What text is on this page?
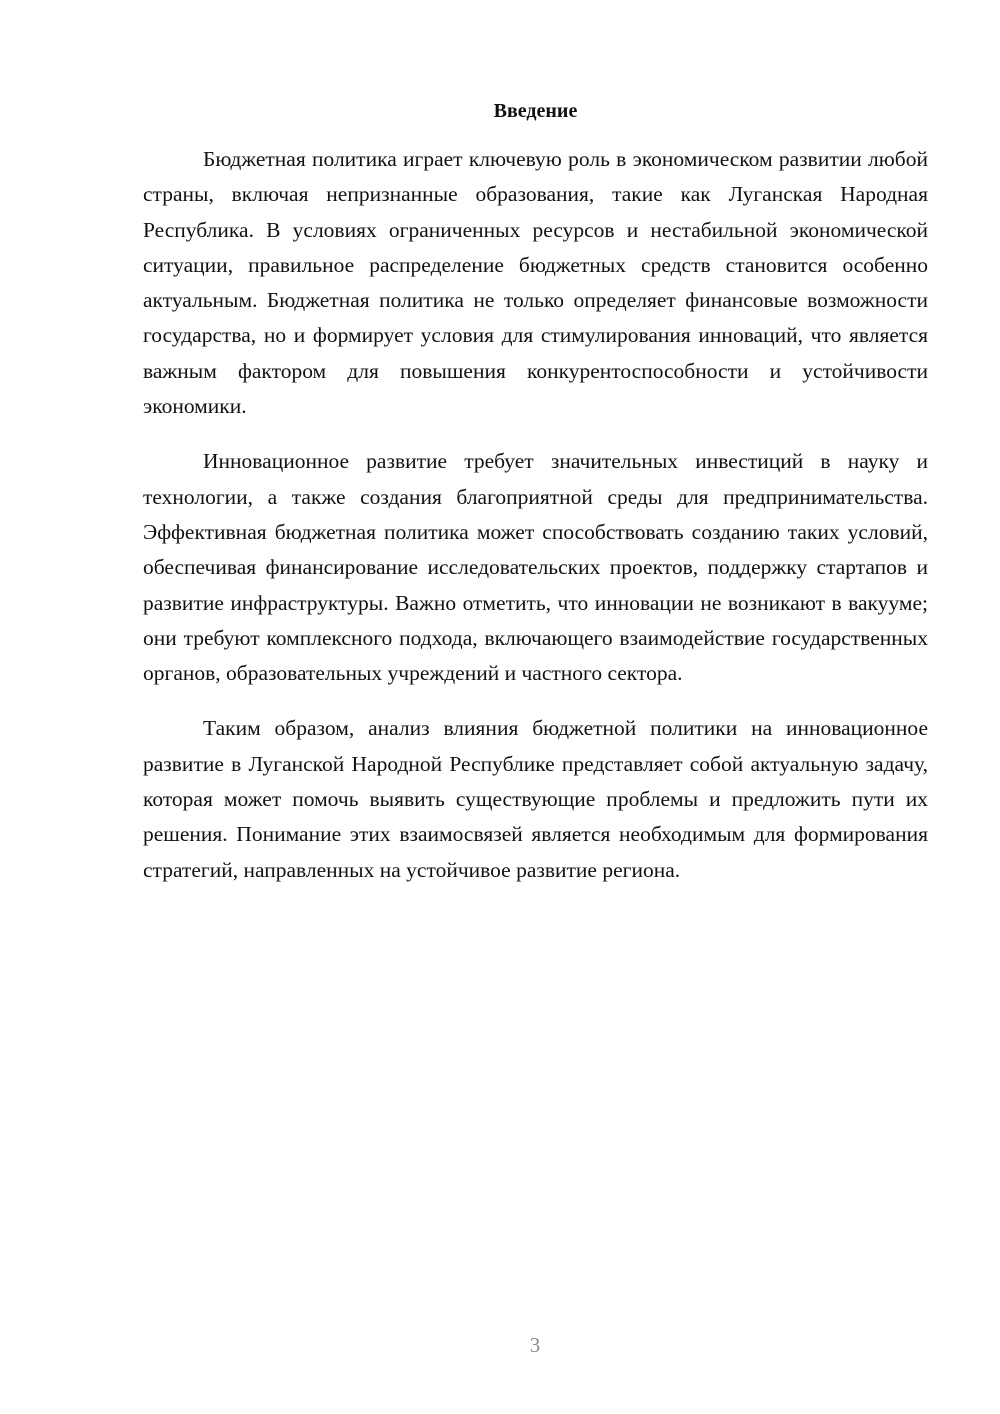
Введение

Бюджетная политика играет ключевую роль в экономическом развитии любой страны, включая непризнанные образования, такие как Луганская Народная Республика. В условиях ограниченных ресурсов и нестабильной экономической ситуации, правильное распределение бюджетных средств становится особенно актуальным. Бюджетная политика не только определяет финансовые возможности государства, но и формирует условия для стимулирования инноваций, что является важным фактором для повышения конкурентоспособности и устойчивости экономики.

Инновационное развитие требует значительных инвестиций в науку и технологии, а также создания благоприятной среды для предпринимательства. Эффективная бюджетная политика может способствовать созданию таких условий, обеспечивая финансирование исследовательских проектов, поддержку стартапов и развитие инфраструктуры. Важно отметить, что инновации не возникают в вакууме; они требуют комплексного подхода, включающего взаимодействие государственных органов, образовательных учреждений и частного сектора.

Таким образом, анализ влияния бюджетной политики на инновационное развитие в Луганской Народной Республике представляет собой актуальную задачу, которая может помочь выявить существующие проблемы и предложить пути их решения. Понимание этих взаимосвязей является необходимым для формирования стратегий, направленных на устойчивое развитие региона.

3
